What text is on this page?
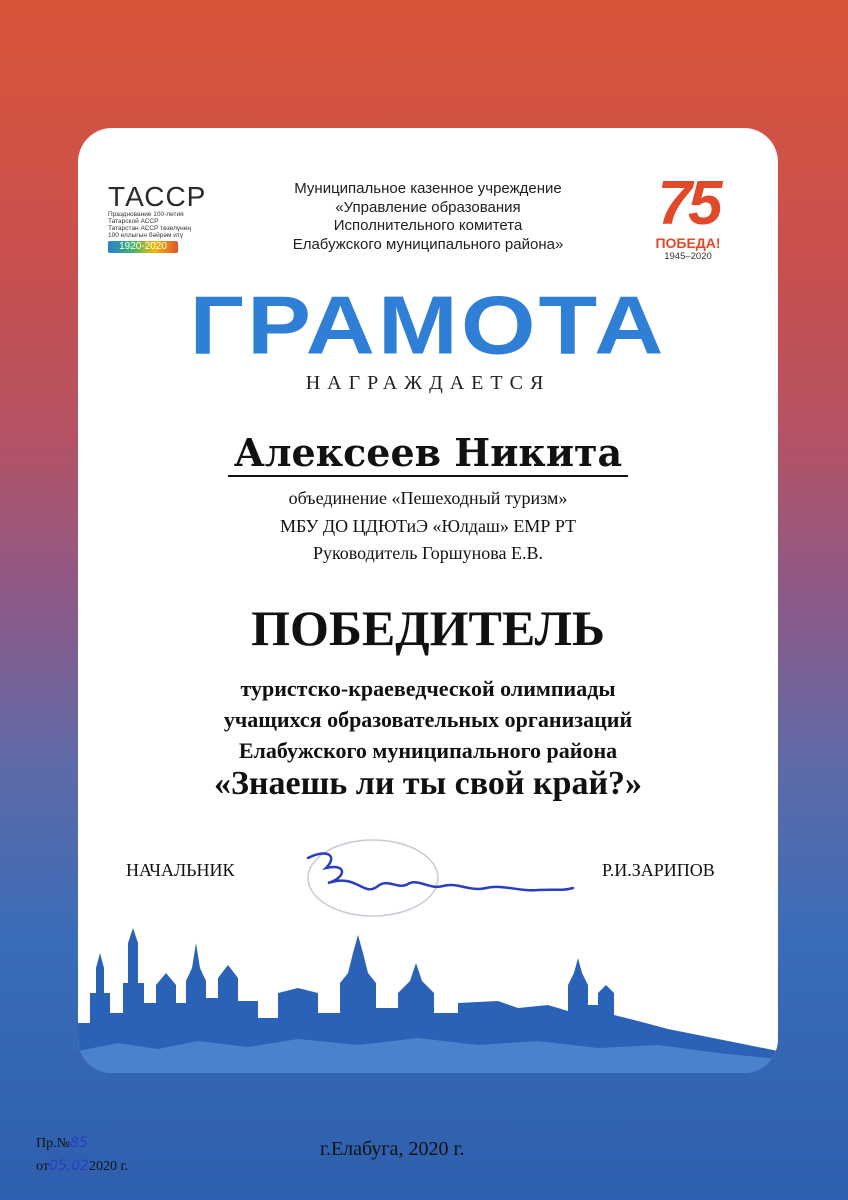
ТАССР
Празднование 100-летия
Татарской АССР
Татарстан АССР төзелүнең
100 еллыгын бәйрәм итү
1920-2020
Муниципальное казенное учреждение
«Управление образования
Исполнительного комитета
Елабужского муниципального района»
75
ПОБЕДА!
1945–2020
ГРАМОТА
НАГРАЖДАЕТСЯ
Алексеев Никита
объединение «Пешеходный туризм»
МБУ ДО ЦДЮТиЭ «Юлдаш» ЕМР РТ
Руководитель Горшунова Е.В.
ПОБЕДИТЕЛЬ
туристско-краеведческой олимпиады
учащихся образовательных организаций
Елабужского муниципального района
«Знаешь ли ты свой край?»
НАЧАЛЬНИК	Р.И.ЗАРИПОВ
Пр.№85
от05.022020 г.
г.Елабуга, 2020 г.
